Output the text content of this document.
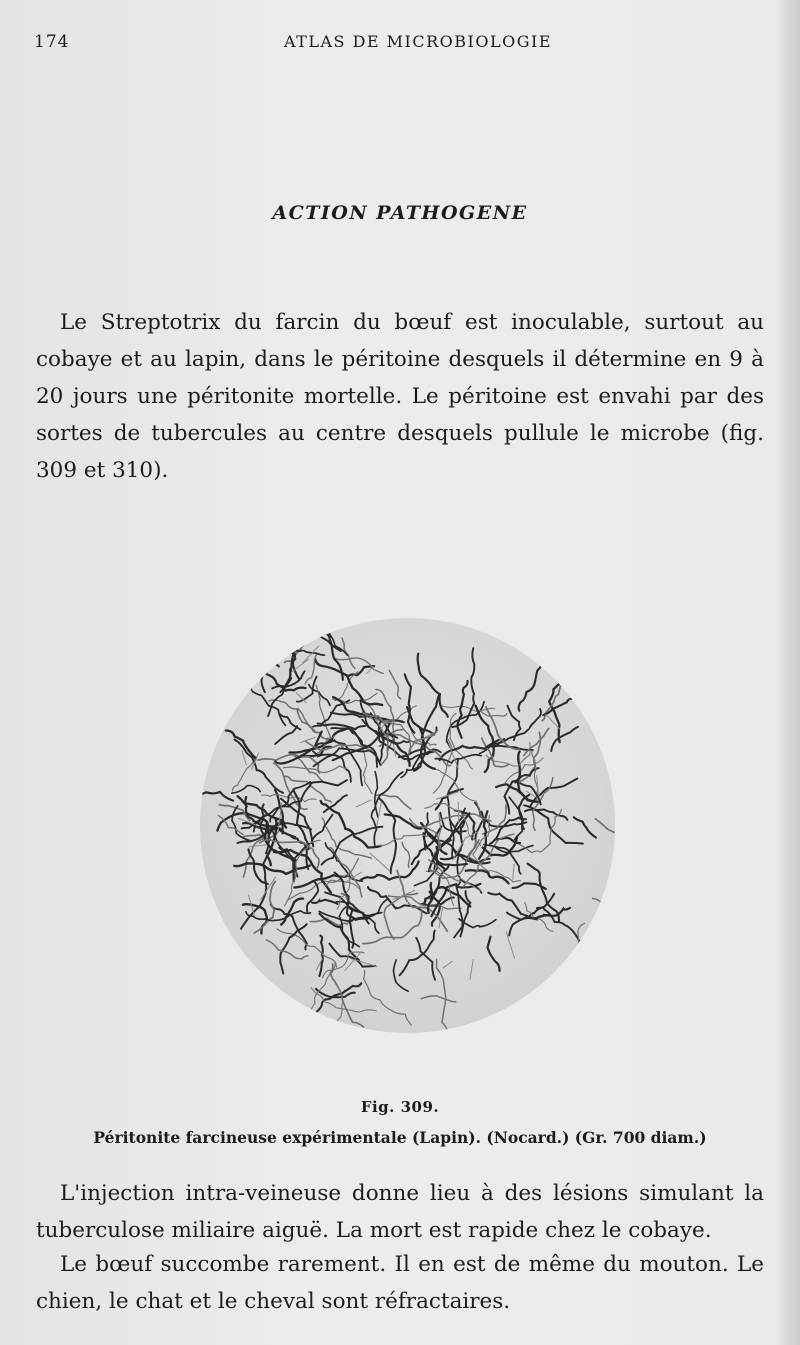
174	ATLAS DE MICROBIOLOGIE
ACTION PATHOGENE

Le Streptotrix du farcin du bœuf est inoculable, surtout au cobaye et au lapin, dans le péritoine desquels il détermine en 9 à 20 jours une péritonite mortelle. Le péritoine est envahi par des sortes de tubercules au centre desquels pullule le microbe (fig. 309 et 310).

Fig. 309.
Péritonite farcineuse expérimentale (Lapin). (Nocard.) (Gr. 700 diam.)

L'injection intra-veineuse donne lieu à des lésions simulant la tuberculose miliaire aiguë. La mort est rapide chez le cobaye.

Le bœuf succombe rarement. Il en est de même du mouton. Le chien, le chat et le cheval sont réfractaires.
